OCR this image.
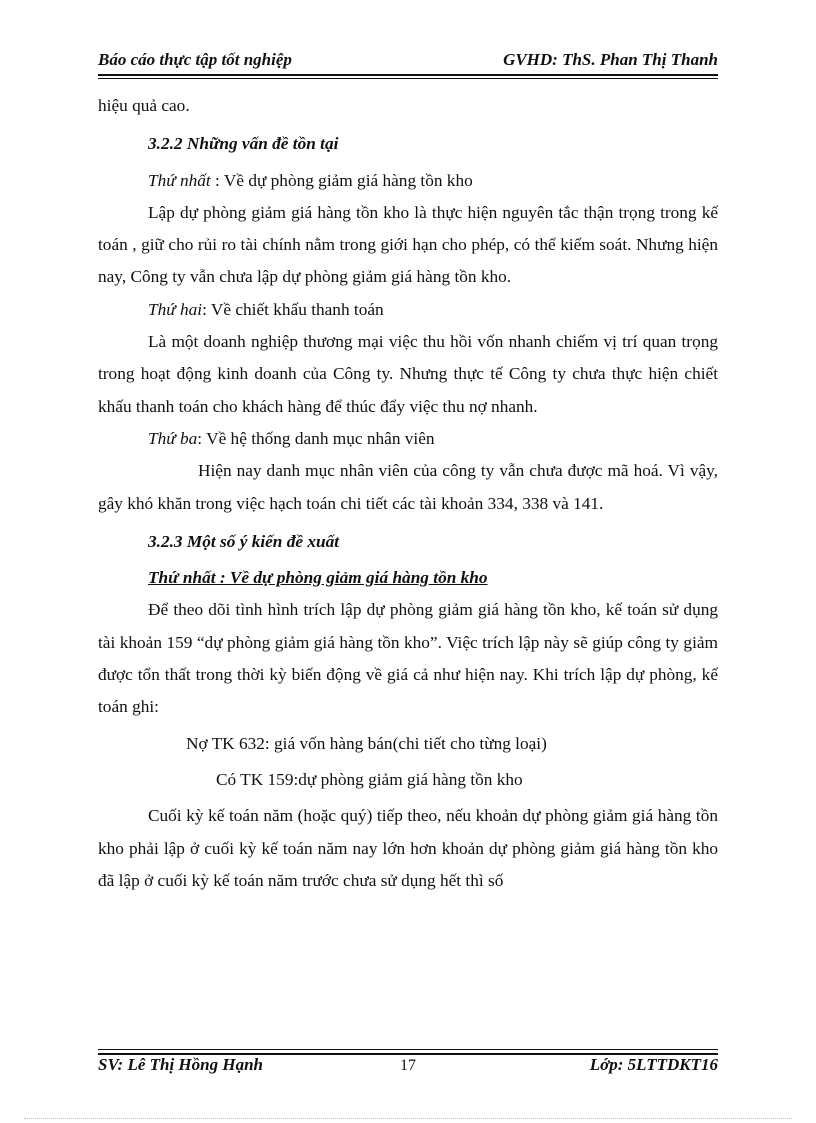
Báo cáo thực tập tốt nghiệp	GVHD: ThS. Phan Thị Thanh

hiệu quả cao.

3.2.2 Những vấn đề tồn tại

Thứ nhất : Về dự phòng giảm giá hàng tồn kho

Lập dự phòng giảm giá hàng tồn kho là thực hiện nguyên tắc thận trọng trong kế toán , giữ cho rủi ro tài chính nằm trong giới hạn cho phép, có thể kiểm soát. Nhưng hiện nay, Công ty vẫn chưa lập dự phòng giảm giá hàng tồn kho.

Thứ hai: Về chiết khấu thanh toán

Là một doanh nghiệp thương mại việc thu hồi vốn nhanh chiếm vị trí quan trọng trong hoạt động kinh doanh của Công ty. Nhưng thực tế Công ty chưa thực hiện chiết khấu thanh toán cho khách hàng để thúc đẩy việc thu nợ nhanh.

Thứ ba: Về hệ thống danh mục nhân viên

Hiện nay danh mục nhân viên của công ty vẫn chưa được mã hoá. Vì vậy, gây khó khăn trong việc hạch toán chi tiết các tài khoản 334, 338 và 141.

3.2.3 Một số ý kiến đề xuất

Thứ nhất : Về dự phòng giảm giá hàng tồn kho

Để theo dõi tình hình trích lập dự phòng giảm giá hàng tồn kho, kế toán sử dụng tài khoản 159 “dự phòng giảm giá hàng tồn kho”. Việc trích lập này sẽ giúp công ty giảm được tổn thất trong thời kỳ biến động về giá cả như hiện nay. Khi trích lập dự phòng, kế toán ghi:

Nợ TK 632: giá vốn hàng bán(chi tiết cho từng loại)

Có TK 159:dự phòng giảm giá hàng tồn kho

Cuối kỳ kế toán năm (hoặc quý) tiếp theo, nếu khoản dự phòng giảm giá hàng tồn kho phải lập ở cuối kỳ kế toán năm nay lớn hơn khoản dự phòng giảm giá hàng tồn kho đã lập ở cuối kỳ kế toán năm trước chưa sử dụng hết thì số

SV: Lê Thị Hồng Hạnh	17	Lớp: 5LTTDKT16
